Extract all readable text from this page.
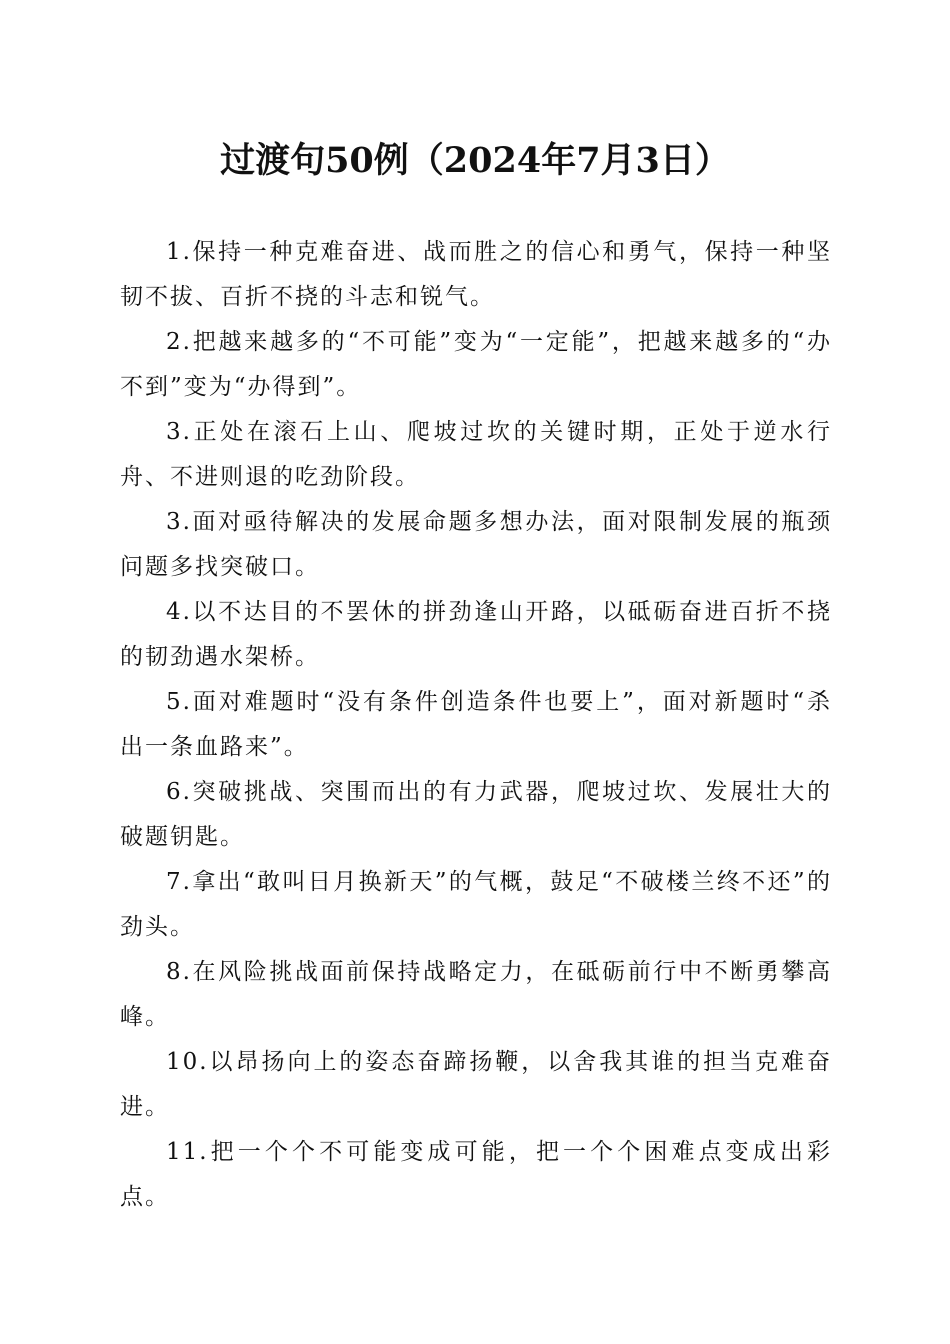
过渡句50例（2024年7月3日）

1.保持一种克难奋进、战而胜之的信心和勇气，保持一种坚韧不拔、百折不挠的斗志和锐气。

2.把越来越多的“不可能”变为“一定能”，把越来越多的“办不到”变为“办得到”。

3.正处在滚石上山、爬坡过坎的关键时期，正处于逆水行舟、不进则退的吃劲阶段。

3.面对亟待解决的发展命题多想办法，面对限制发展的瓶颈问题多找突破口。

4.以不达目的不罢休的拼劲逢山开路，以砥砺奋进百折不挠的韧劲遇水架桥。

5.面对难题时“没有条件创造条件也要上”，面对新题时“杀出一条血路来”。

6.突破挑战、突围而出的有力武器，爬坡过坎、发展壮大的破题钥匙。

7.拿出“敢叫日月换新天”的气概，鼓足“不破楼兰终不还”的劲头。

8.在风险挑战面前保持战略定力，在砥砺前行中不断勇攀高峰。

10.以昂扬向上的姿态奋蹄扬鞭，以舍我其谁的担当克难奋进。

11.把一个个不可能变成可能，把一个个困难点变成出彩点。
